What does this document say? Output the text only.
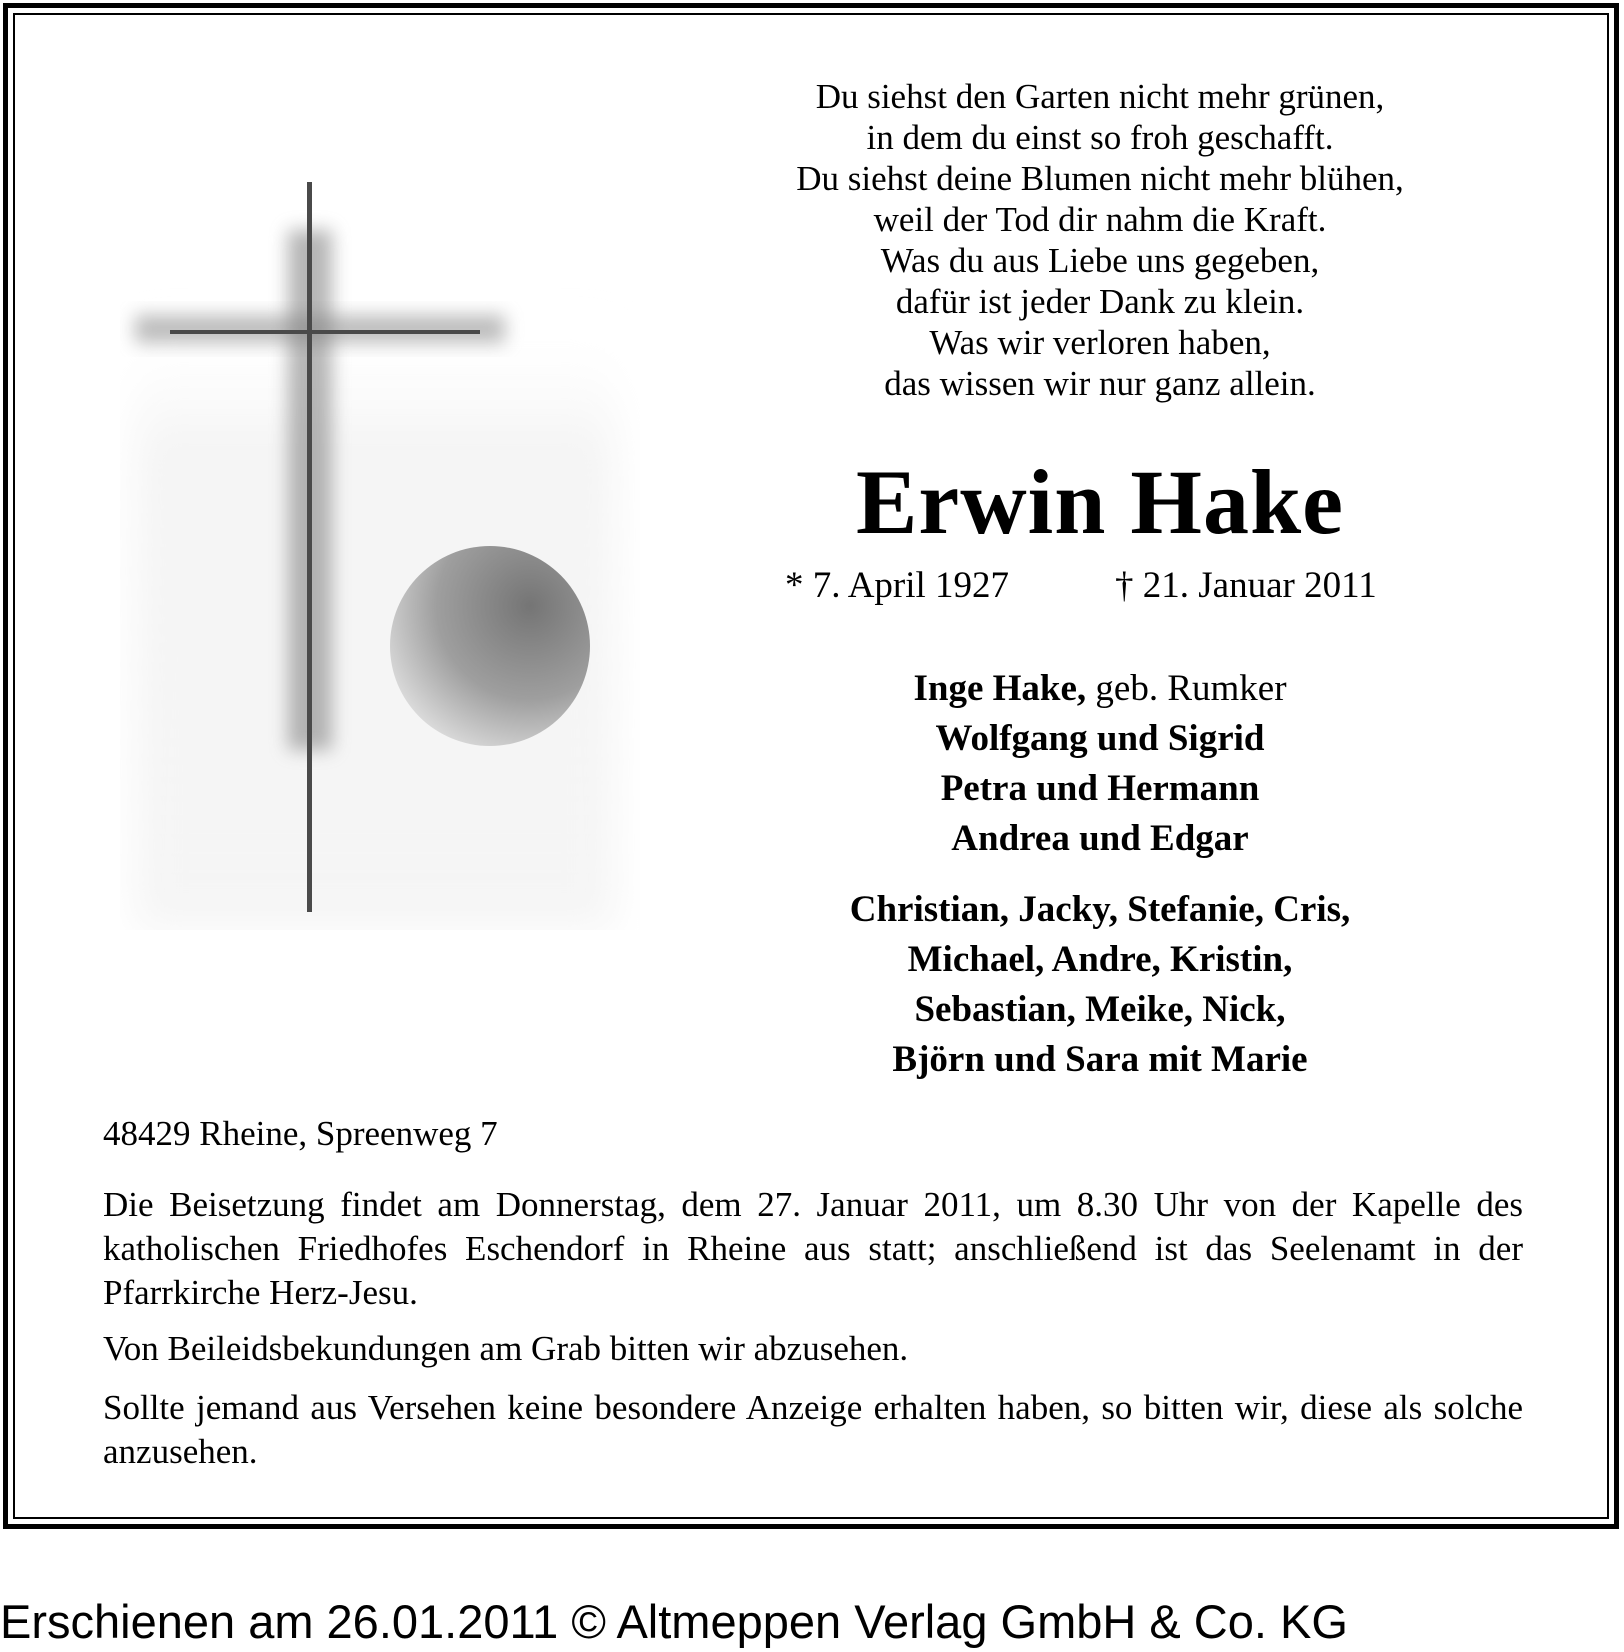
Du siehst den Garten nicht mehr grünen,
in dem du einst so froh geschafft.
Du siehst deine Blumen nicht mehr blühen,
weil der Tod dir nahm die Kraft.
Was du aus Liebe uns gegeben,
dafür ist jeder Dank zu klein.
Was wir verloren haben,
das wissen wir nur ganz allein.
Erwin Hake
* 7. April 1927	† 21. Januar 2011
Inge Hake, geb. Rumker
Wolfgang und Sigrid
Petra und Hermann
Andrea und Edgar
Christian, Jacky, Stefanie, Cris,
Michael, Andre, Kristin,
Sebastian, Meike, Nick,
Björn und Sara mit Marie
48429 Rheine, Spreenweg 7
Die Beisetzung findet am Donnerstag, dem 27. Januar 2011, um 8.30 Uhr von der Kapelle des katholischen Friedhofes Eschendorf in Rheine aus statt; anschließend ist das Seelenamt in der Pfarrkirche Herz-Jesu.
Von Beileidsbekundungen am Grab bitten wir abzusehen.
Sollte jemand aus Versehen keine besondere Anzeige erhalten haben, so bitten wir, diese als solche anzusehen.
Erschienen am 26.01.2011 © Altmeppen Verlag GmbH & Co. KG
